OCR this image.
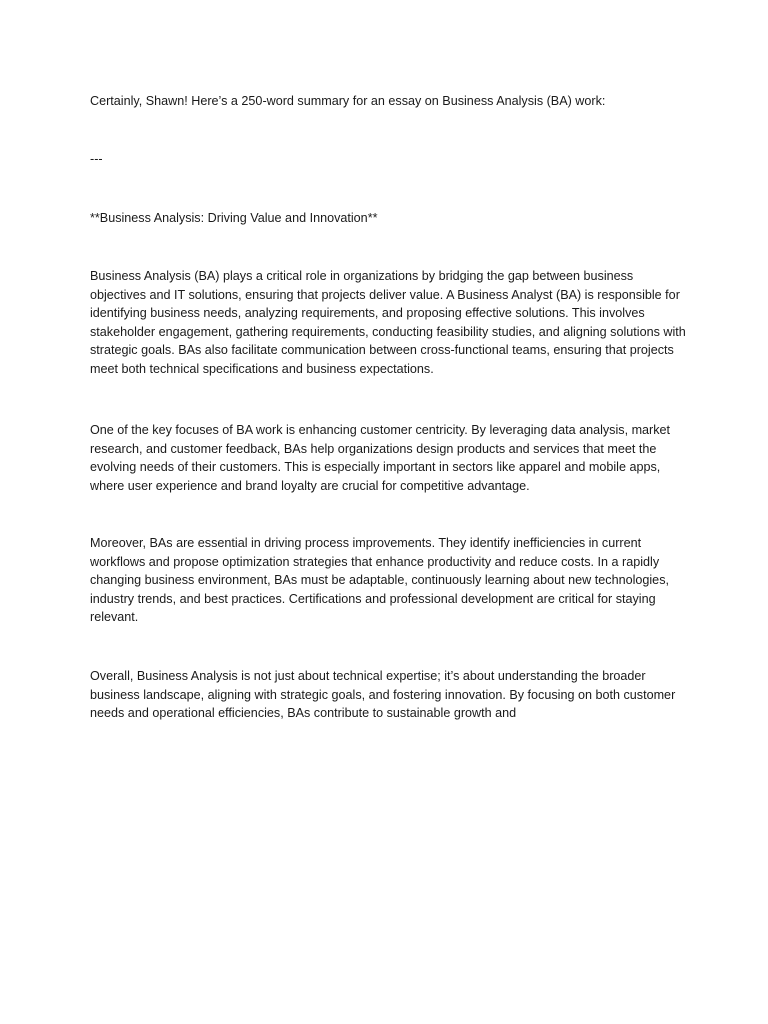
Certainly, Shawn! Here’s a 250-word summary for an essay on Business Analysis (BA) work:

---

**Business Analysis: Driving Value and Innovation**

Business Analysis (BA) plays a critical role in organizations by bridging the gap between business objectives and IT solutions, ensuring that projects deliver value. A Business Analyst (BA) is responsible for identifying business needs, analyzing requirements, and proposing effective solutions. This involves stakeholder engagement, gathering requirements, conducting feasibility studies, and aligning solutions with strategic goals. BAs also facilitate communication between cross-functional teams, ensuring that projects meet both technical specifications and business expectations.

One of the key focuses of BA work is enhancing customer centricity. By leveraging data analysis, market research, and customer feedback, BAs help organizations design products and services that meet the evolving needs of their customers. This is especially important in sectors like apparel and mobile apps, where user experience and brand loyalty are crucial for competitive advantage.

Moreover, BAs are essential in driving process improvements. They identify inefficiencies in current workflows and propose optimization strategies that enhance productivity and reduce costs. In a rapidly changing business environment, BAs must be adaptable, continuously learning about new technologies, industry trends, and best practices. Certifications and professional development are critical for staying relevant.

Overall, Business Analysis is not just about technical expertise; it’s about understanding the broader business landscape, aligning with strategic goals, and fostering innovation. By focusing on both customer needs and operational efficiencies, BAs contribute to sustainable growth and
